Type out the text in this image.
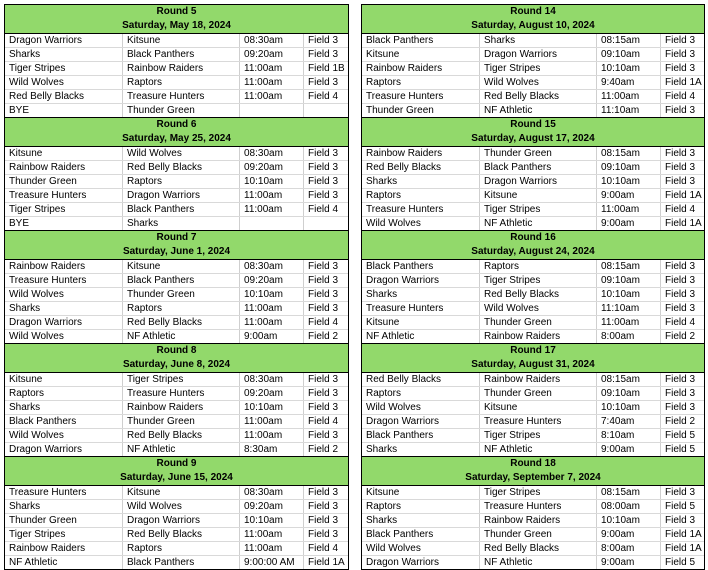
Round 5
Saturday, May 18, 2024
Dragon Warriors	Kitsune	08:30am	Field 3
Sharks	Black Panthers	09:20am	Field 3
Tiger Stripes	Rainbow Raiders	11:00am	Field 1B
Wild Wolves	Raptors	11:00am	Field 3
Red Belly Blacks	Treasure Hunters	11:00am	Field 4
BYE	Thunder Green		
Round 6
Saturday, May 25, 2024
Kitsune	Wild Wolves	08:30am	Field 3
Rainbow Raiders	Red Belly Blacks	09:20am	Field 3
Thunder Green	Raptors	10:10am	Field 3
Treasure Hunters	Dragon Warriors	11:00am	Field 3
Tiger Stripes	Black Panthers	11:00am	Field 4
BYE	Sharks		
Round 7
Saturday, June 1, 2024
Rainbow Raiders	Kitsune	08:30am	Field 3
Treasure Hunters	Black Panthers	09:20am	Field 3
Wild Wolves	Thunder Green	10:10am	Field 3
Sharks	Raptors	11:00am	Field 3
Dragon Warriors	Red Belly Blacks	11:00am	Field 4
Wild Wolves	NF Athletic	9:00am	Field 2
Round 8
Saturday, June 8, 2024
Kitsune	Tiger Stripes	08:30am	Field 3
Raptors	Treasure Hunters	09:20am	Field 3
Sharks	Rainbow Raiders	10:10am	Field 3
Black Panthers	Thunder Green	11:00am	Field 4
Wild Wolves	Red Belly Blacks	11:00am	Field 3
Dragon Warriors	NF Athletic	8:30am	Field 2
Round 9
Saturday, June 15, 2024
Treasure Hunters	Kitsune	08:30am	Field 3
Sharks	Wild Wolves	09:20am	Field 3
Thunder Green	Dragon Warriors	10:10am	Field 3
Tiger Stripes	Red Belly Blacks	11:00am	Field 3
Rainbow Raiders	Raptors	11:00am	Field 4
NF Athletic	Black Panthers	9:00:00 AM	Field 1A
Round 14
Saturday, August 10, 2024
Black Panthers	Sharks	08:15am	Field 3
Kitsune	Dragon Warriors	09:10am	Field 3
Rainbow Raiders	Tiger Stripes	10:10am	Field 3
Raptors	Wild Wolves	9:40am	Field 1A
Treasure Hunters	Red Belly Blacks	11:00am	Field 4
Thunder Green	NF Athletic	11:10am	Field 3
Round 15
Saturday, August 17, 2024
Rainbow Raiders	Thunder Green	08:15am	Field 3
Red Belly Blacks	Black Panthers	09:10am	Field 3
Sharks	Dragon Warriors	10:10am	Field 3
Raptors	Kitsune	9:00am	Field 1A
Treasure Hunters	Tiger Stripes	11:00am	Field 4
Wild Wolves	NF Athletic	9:00am	Field 1A
Round 16
Saturday, August 24, 2024
Black Panthers	Raptors	08:15am	Field 3
Dragon Warriors	Tiger Stripes	09:10am	Field 3
Sharks	Red Belly Blacks	10:10am	Field 3
Treasure Hunters	Wild Wolves	11:10am	Field 3
Kitsune	Thunder Green	11:00am	Field 4
NF Athletic	Rainbow Raiders	8:00am	Field 2
Round 17
Saturday, August 31, 2024
Red Belly Blacks	Rainbow Raiders	08:15am	Field 3
Raptors	Thunder Green	09:10am	Field 3
Wild Wolves	Kitsune	10:10am	Field 3
Dragon Warriors	Treasure Hunters	7:40am	Field 2
Black Panthers	Tiger Stripes	8:10am	Field 5
Sharks	NF Athletic	9:00am	Field 5
Round 18
Saturday, September 7, 2024
Kitsune	Tiger Stripes	08:15am	Field 3
Raptors	Treasure Hunters	08:00am	Field 5
Sharks	Rainbow Raiders	10:10am	Field 3
Black Panthers	Thunder Green	9:00am	Field 1A
Wild Wolves	Red Belly Blacks	8:00am	Field 1A
Dragon Warriors	NF Athletic	9:00am	Field 5
